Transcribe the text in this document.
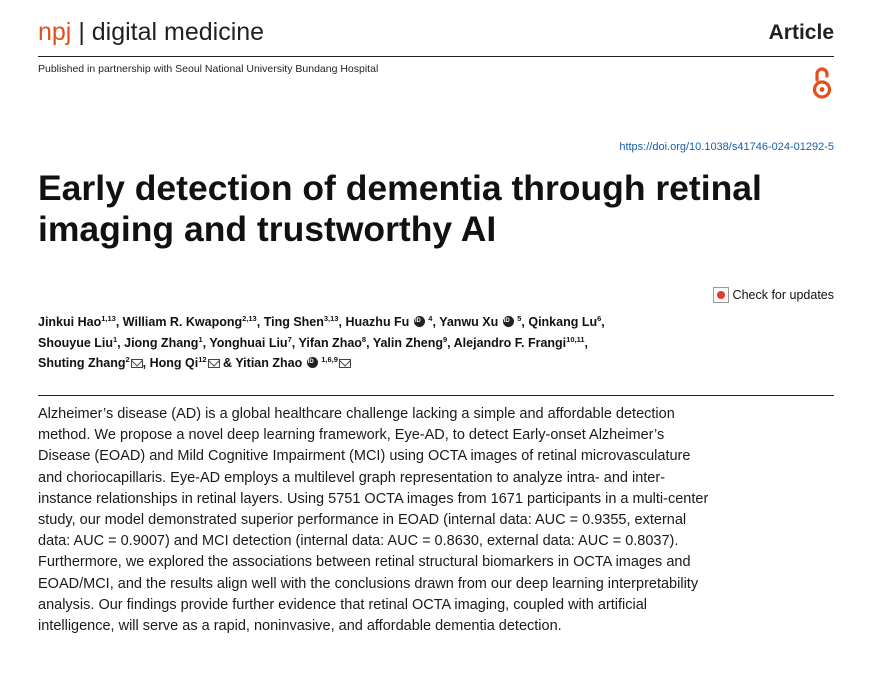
npj | digital medicine	Article
Published in partnership with Seoul National University Bundang Hospital
https://doi.org/10.1038/s41746-024-01292-5
Early detection of dementia through retinal imaging and trustworthy AI
Check for updates
Jinkui Hao$^{1,13}$, William R. Kwapong$^{2,13}$, Ting Shen$^{3,13}$, Huazhu Fu iD	$^4$, Yanwu Xu iD	$^5$, Qinkang Lu$^6$,
Shouyue Liu$^1$, Jiong Zhang$^1$, Yonghuai Liu$^7$, Yifan Zhao$^8$, Yalin Zheng$^9$, Alejandro F. Frangi$^{10,11}$,
Shuting Zhang$^2$ , Hong Qi$^{12}$ & Yitian Zhao iD	$^{1,6,9}$

Alzheimer’s disease (AD) is a global healthcare challenge lacking a simple and affordable detection method. We propose a novel deep learning framework, Eye-AD, to detect Early-onset Alzheimer’s Disease (EOAD) and Mild Cognitive Impairment (MCI) using OCTA images of retinal microvasculature and choriocapillaris. Eye-AD employs a multilevel graph representation to analyze intra- and inter-instance relationships in retinal layers. Using 5751 OCTA images from 1671 participants in a multi-center study, our model demonstrated superior performance in EOAD (internal data: AUC = 0.9355, external data: AUC = 0.9007) and MCI detection (internal data: AUC = 0.8630, external data: AUC = 0.8037). Furthermore, we explored the associations between retinal structural biomarkers in OCTA images and EOAD/MCI, and the results align well with the conclusions drawn from our deep learning interpretability analysis. Our findings provide further evidence that retinal OCTA imaging, coupled with artificial intelligence, will serve as a rapid, noninvasive, and affordable dementia detection.
